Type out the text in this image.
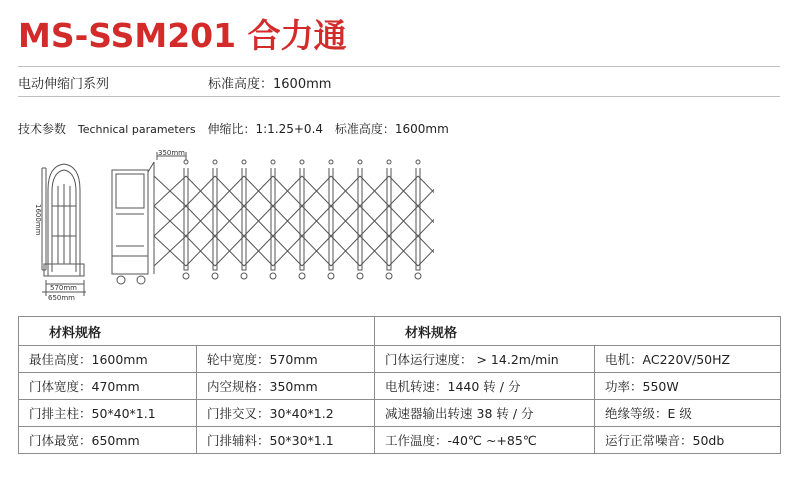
MS-SSM201 合力通
电动伸缩门系列	标准高度：1600mm
技术参数 Technical parameters 伸缩比：1:1.25+0.4 标准高度：1600mm
350mm
1600mm
570mm
650mm
材料规格		材料规格	
最佳高度：1600mm	轮中宽度：570mm	门体运行速度： > 14.2m/min	电机：AC220V/50HZ
门体宽度：470mm	内空规格：350mm	电机转速：1440 转 / 分	功率：550W
门排主柱：50*40*1.1	门排交叉：30*40*1.2	减速器输出转速 38 转 / 分	绝缘等级：E 级
门体最宽：650mm	门排辅料：50*30*1.1	工作温度：-40℃ ~+85℃	运行正常噪音：50db
